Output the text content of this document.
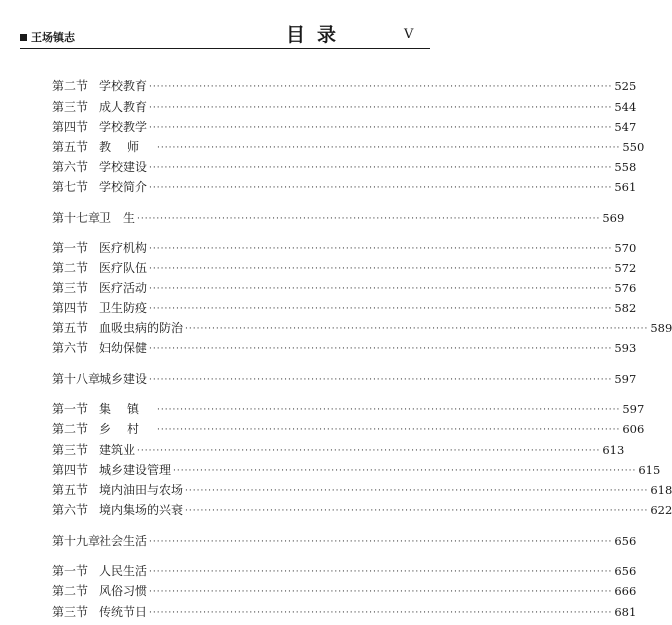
王场镇志	目录	V
第二节 学校教育 ························································································································ 525
第三节 成人教育 ························································································································ 544
第四节 学校教学 ························································································································ 547
第五节 教师 ························································································································ 550
第六节 学校建设 ························································································································ 558
第七节 学校简介 ························································································································ 561
第十七章
卫　生 ························································································································ 569
第一节 医疗机构 ························································································································ 570
第二节 医疗队伍 ························································································································ 572
第三节 医疗活动 ························································································································ 576
第四节 卫生防疫 ························································································································ 582
第五节 血吸虫病的防治 ························································································································ 589
第六节 妇幼保健 ························································································································ 593
第十八章
城乡建设 ························································································································ 597
第一节 集镇 ························································································································ 597
第二节 乡村 ························································································································ 606
第三节 建筑业 ························································································································ 613
第四节 城乡建设管理 ························································································································ 615
第五节 境内油田与农场 ························································································································ 618
第六节 境内集场的兴衰 ························································································································ 622
第十九章
社会生活 ························································································································ 656
第一节 人民生活 ························································································································ 656
第二节 风俗习惯 ························································································································ 666
第三节 传统节日 ························································································································ 681
